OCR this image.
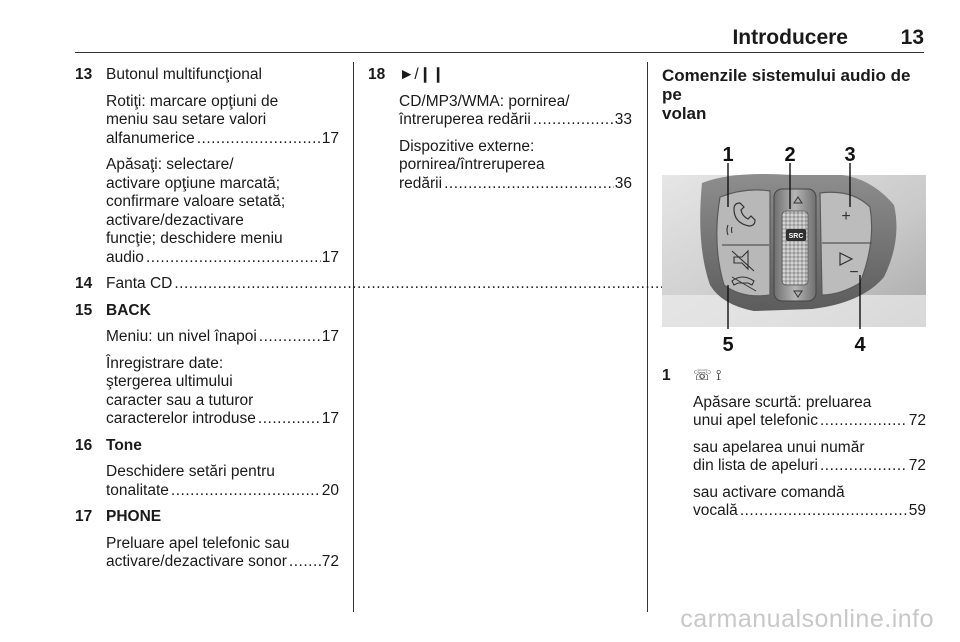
Introducere	13
13 Butonul multifuncţional
Rotiţi: marcare opţiuni de
meniu sau setare valori
alfanumerice .....	17
Apăsaţi: selectare/
activare opţiune marcată;
confirmare valoare setată;
activare/dezactivare
funcţie; deschidere meniu
audio .....	17
14 Fanta CD
.....
15 BACK
Meniu: un nivel înapoi .....	17
Înregistrare date:
ştergerea ultimului
caracter sau a tuturor
caracterelor introduse .....	17
16 Tone
Deschidere setări pentru
tonalitate .....	20
17 PHONE
Preluare apel telefonic sau
activare/dezactivare sonor ..... 72
18 ►/❙❙
CD/MP3/WMA: pornirea/
întreruperea redării .....	33
Dispozitive externe:
pornirea/întreruperea
redării .....	36
Comenzile sistemului audio de pe
volan
SRC
+
−
1	2 3
4
5
1	☏ ⟟
Apăsare scurtă: preluarea
unui apel telefonic .....	72
sau apelarea unui număr
din lista de apeluri .....	72
sau activare comandă
vocală .....	59
carmanualsonline.info
